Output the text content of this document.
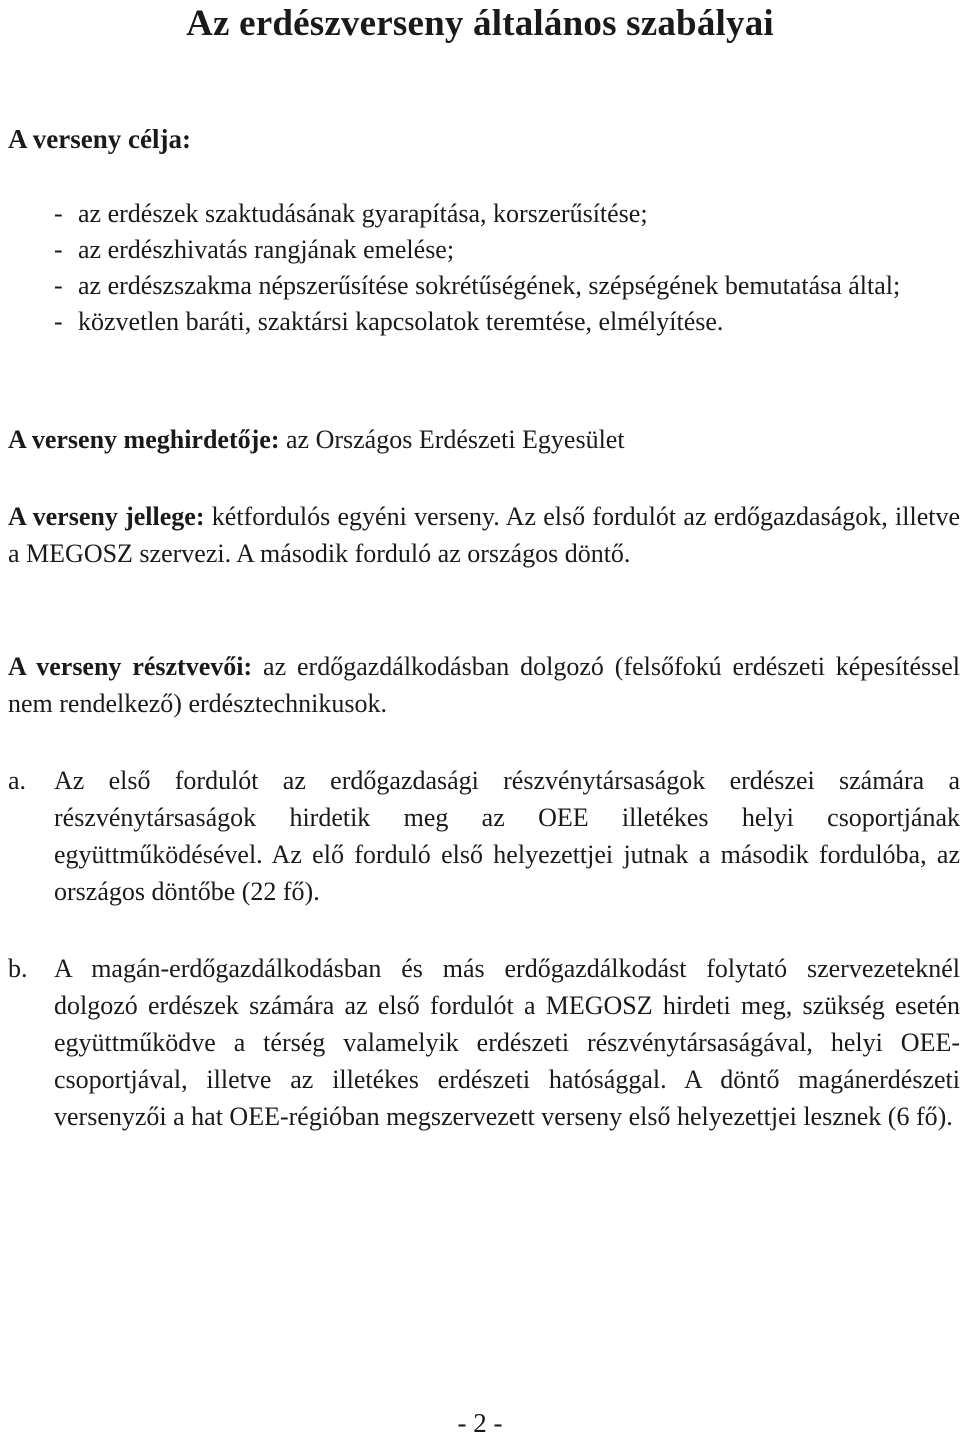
Az erdészverseny általános szabályai
A verseny célja:
- az erdészek szaktudásának gyarapítása, korszerűsítése;
- az erdészhivatás rangjának emelése;
- az erdészszakma népszerűsítése sokrétűségének, szépségének bemutatása által;
- közvetlen baráti, szaktársi kapcsolatok teremtése, elmélyítése.

A verseny meghirdetője: az Országos Erdészeti Egyesület

A verseny jellege: kétfordulós egyéni verseny. Az első fordulót az erdőgazdaságok, illetve a MEGOSZ szervezi. A második forduló az országos döntő.

A verseny résztvevői: az erdőgazdálkodásban dolgozó (felsőfokú erdészeti képesítéssel nem rendelkező) erdésztechnikusok.

a. Az első fordulót az erdőgazdasági részvénytársaságok erdészei számára a részvénytársaságok hirdetik meg az OEE illetékes helyi csoportjának együttműködésével. Az elő forduló első helyezettjei jutnak a második fordulóba, az országos döntőbe (22 fő).
b. A magán-erdőgazdálkodásban és más erdőgazdálkodást folytató szervezeteknél dolgozó erdészek számára az első fordulót a MEGOSZ hirdeti meg, szükség esetén együttműködve a térség valamelyik erdészeti részvénytársaságával, helyi OEE-csoportjával, illetve az illetékes erdészeti hatósággal. A döntő magánerdészeti versenyzői a hat OEE-régióban megszervezett verseny első helyezettjei lesznek (6 fő).
- 2 -
